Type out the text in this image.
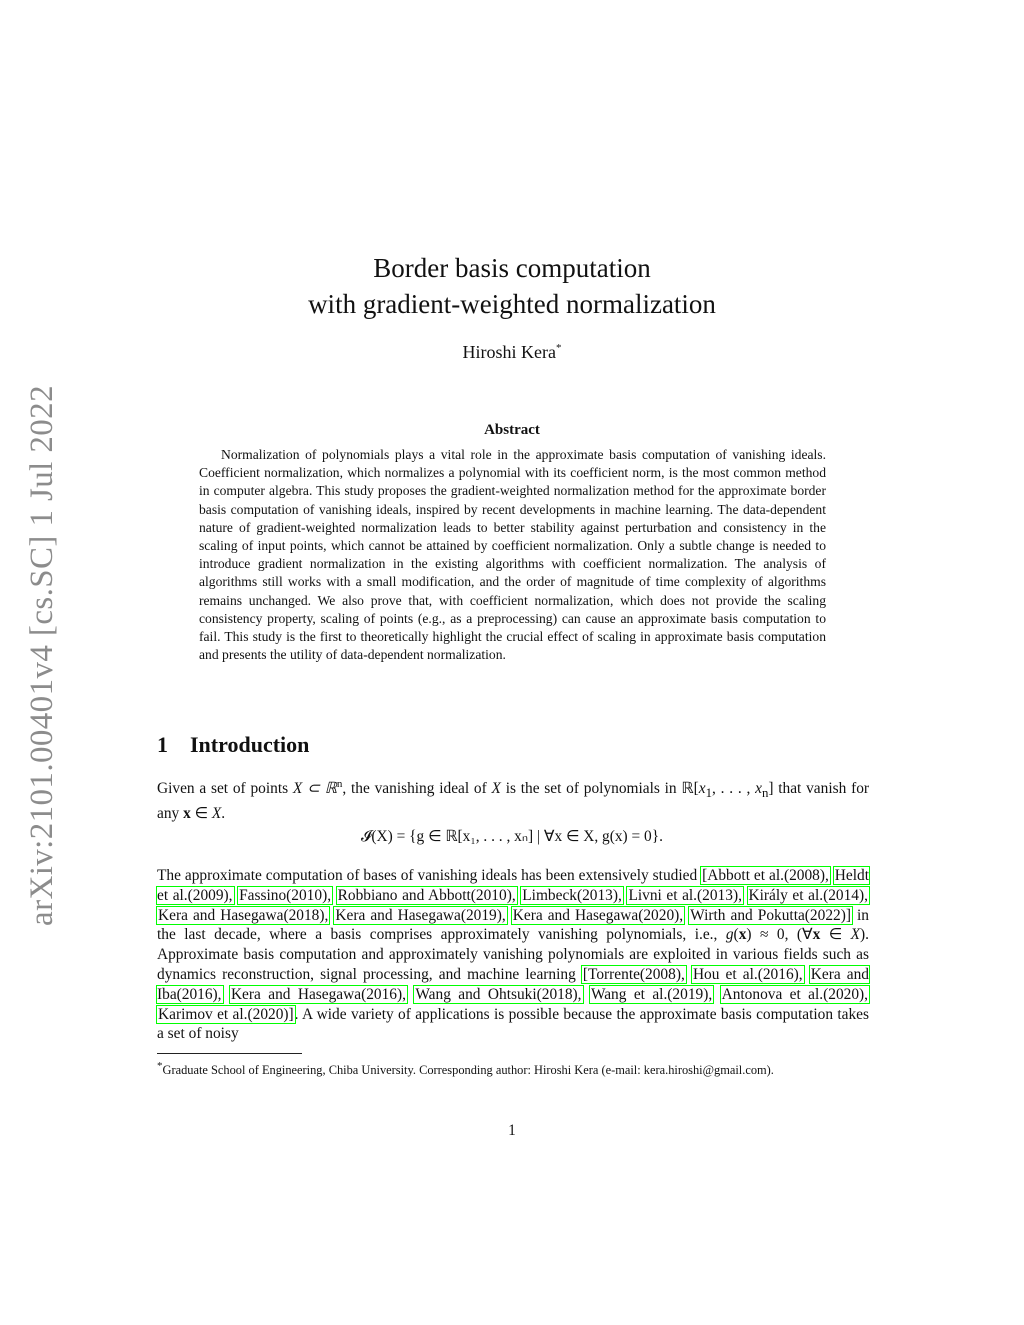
arXiv:2101.00401v4 [cs.SC] 1 Jul 2022
Border basis computation
with gradient-weighted normalization
Hiroshi Kera*
Abstract

Normalization of polynomials plays a vital role in the approximate basis computation of vanishing ideals. Coefficient normalization, which normalizes a polynomial with its coefficient norm, is the most common method in computer algebra. This study proposes the gradient-weighted normalization method for the approximate border basis computation of vanishing ideals, inspired by recent developments in machine learning. The data-dependent nature of gradient-weighted normalization leads to better stability against perturbation and consistency in the scaling of input points, which cannot be attained by coefficient normalization. Only a subtle change is needed to introduce gradient normalization in the existing algorithms with coefficient normalization. The analysis of algorithms still works with a small modification, and the order of magnitude of time complexity of algorithms remains unchanged. We also prove that, with coefficient normalization, which does not provide the scaling consistency property, scaling of points (e.g., as a preprocessing) can cause an approximate basis computation to fail. This study is the first to theoretically highlight the crucial effect of scaling in approximate basis computation and presents the utility of data-dependent normalization.

1 Introduction

Given a set of points X ⊂ ℝ$^n$, the vanishing ideal of X is the set of polynomials in $ℝ[x_1$, . . . , $x_n$] that vanish for any x ∈ X.

𝓘(X) = {g ∈ ℝ[x₁, . . . , xₙ] | ∀x ∈ X, g(x) = 0}.

The approximate computation of bases of vanishing ideals has been extensively studied [Abbott et al.(2008), Heldt et al.(2009), Fassino(2010), Robbiano and Abbott(2010), Limbeck(2013), Livni et al.(2013), Király et al.(2014), Kera and Hasegawa(2018), Kera and Hasegawa(2019), Kera and Hasegawa(2020), Wirth and Pokutta(2022)] in the last decade, where a basis comprises approximately vanishing polynomials, i.e., g(x) ≈ 0, (∀x ∈ X). Approximate basis computation and approximately vanishing polynomials are exploited in various fields such as dynamics reconstruction, signal processing, and machine learning [Torrente(2008), Hou et al.(2016), Kera and Iba(2016), Kera and Hasegawa(2016), Wang and Ohtsuki(2018), Wang et al.(2019), Antonova et al.(2020), Karimov et al.(2020)]. A wide variety of applications is possible because the approximate basis computation takes a set of noisy

*Graduate School of Engineering, Chiba University. Corresponding author: Hiroshi Kera (e-mail: kera.hiroshi@gmail.com).

1
